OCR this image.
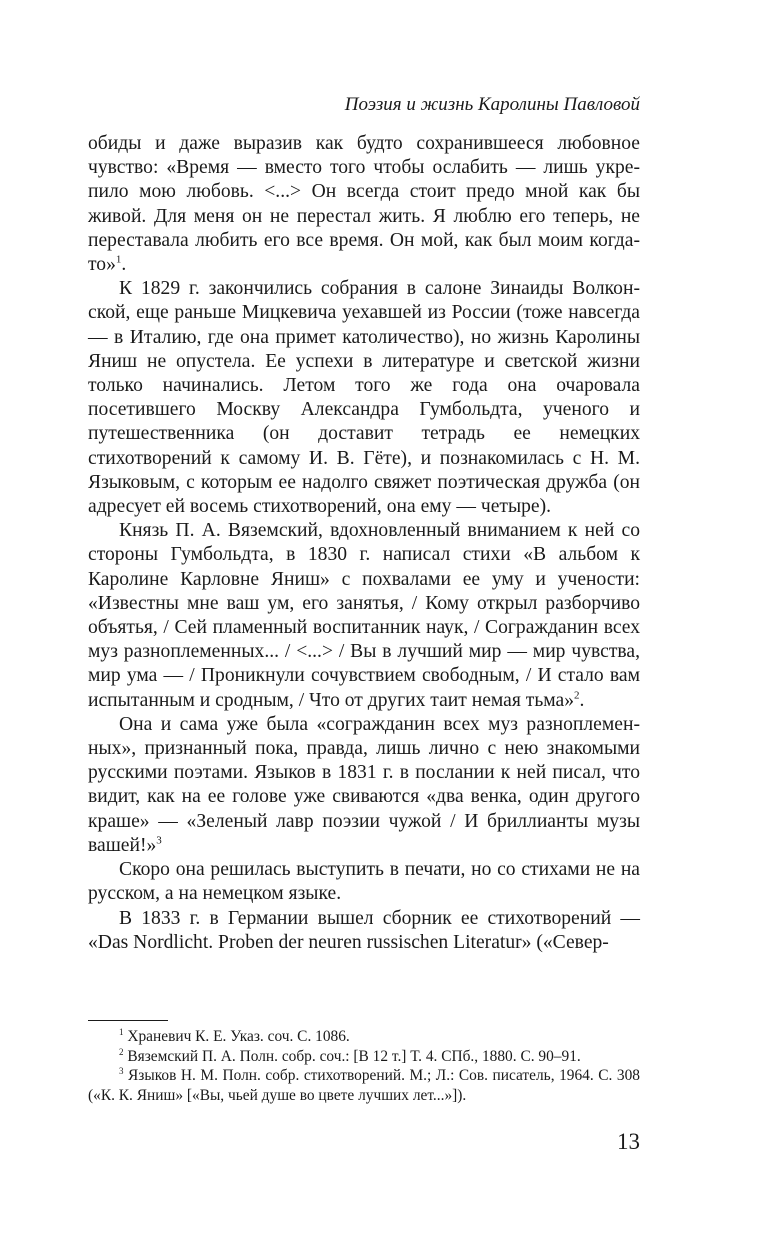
Поэзия и жизнь Каролины Павловой

обиды и даже выразив как будто сохранившееся любовное чувство: «Время — вместо того чтобы ослабить — лишь укрепило мою любовь. <...> Он всегда стоит предо мной как бы живой. Для меня он не перестал жить. Я люблю его теперь, не переставала любить его все время. Он мой, как был моим когда-то»$^1$.

К 1829 г. закончились собрания в салоне Зинаиды Волконской, еще раньше Мицкевича уехавшей из России (тоже навсегда — в Италию, где она примет католичество), но жизнь Каролины Яниш не опустела. Ее успехи в литературе и светской жизни только начинались. Летом того же года она очаровала посетившего Москву Александра Гумбольдта, ученого и путешественника (он доставит тетрадь ее немецких стихотворений к самому И. В. Гёте), и познакомилась с Н. М. Языковым, с которым ее надолго свяжет поэтическая дружба (он адресует ей восемь стихотворений, она ему — четыре).

Князь П. А. Вяземский, вдохновленный вниманием к ней со стороны Гумбольдта, в 1830 г. написал стихи «В альбом к Каролине Карловне Яниш» с похвалами ее уму и учености: «Известны мне ваш ум, его занятья, / Кому открыл разборчиво объятья, / Сей пламенный воспитанник наук, / Согражданин всех муз разноплеменных... / <...> / Вы в лучший мир — мир чувства, мир ума — / Проникнули сочувствием свободным, / И стало вам испытанным и сродным, / Что от других таит немая тьма»$^2$.

Она и сама уже была «согражданин всех муз разноплеменных», признанный пока, правда, лишь лично с нею знакомыми русскими поэтами. Языков в 1831 г. в послании к ней писал, что видит, как на ее голове уже свиваются «два венка, один другого краше» — «Зеленый лавр поэзии чужой / И бриллианты музы вашей!»$^3$

Скоро она решилась выступить в печати, но со стихами не на русском, а на немецком языке.

В 1833 г. в Германии вышел сборник ее стихотворений — «Das Nordlicht. Proben der neuren russischen Literatur» («Север-

$^1$ Храневич К. Е. Указ. соч. С. 1086.

$^2$ Вяземский П. А. Полн. собр. соч.: [В 12 т.] Т. 4. СПб., 1880. С. 90–91.

$^3$ Языков Н. М. Полн. собр. стихотворений. М.; Л.: Сов. писатель, 1964. С. 308 («К. К. Яниш» [«Вы, чьей душе во цвете лучших лет...»]).

13
